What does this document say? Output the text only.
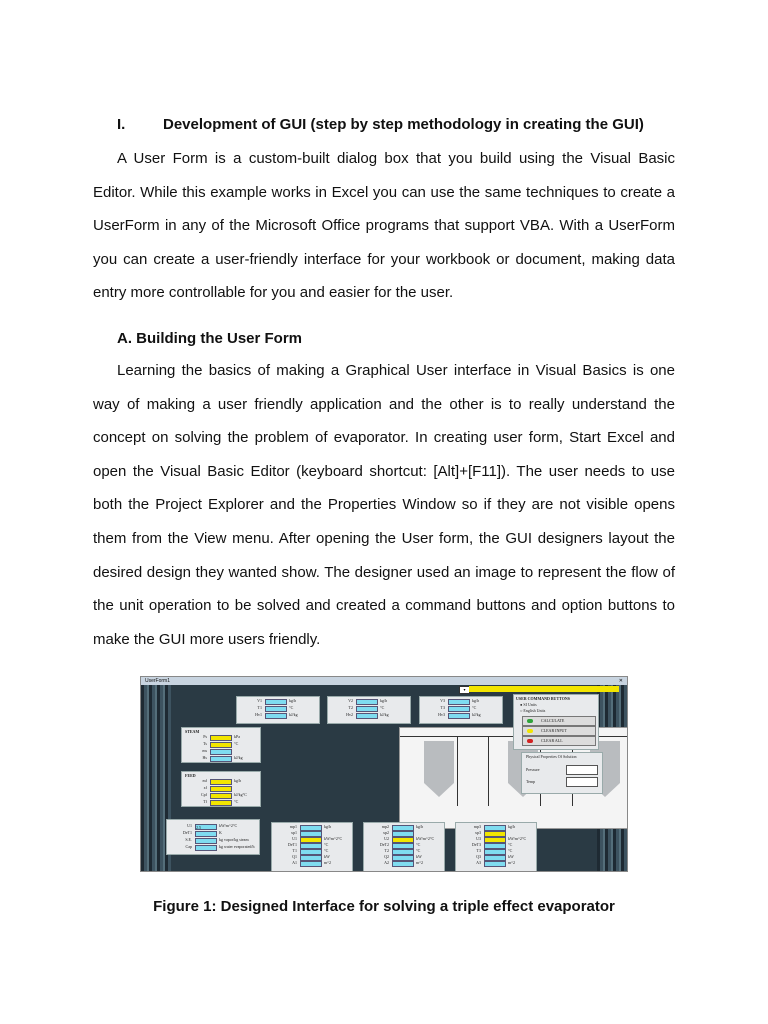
I.	Development of GUI (step by step methodology in creating the GUI)

A User Form is a custom-built dialog box that you build using the Visual Basic Editor. While this example works in Excel you can use the same techniques to create a UserForm in any of the Microsoft Office programs that support VBA. With a UserForm you can create a user-friendly interface for your workbook or document, making data entry more controllable for you and easier for the user.

A. Building the User Form

Learning the basics of making a Graphical User interface in Visual Basics is one way of making a user friendly application and the other is to really understand the concept on solving the problem of evaporator. In creating user form, Start Excel and open the Visual Basic Editor (keyboard shortcut: [Alt]+[F11]). The user needs to use both the Project Explorer and the Properties Window so if they are not visible opens them from the View menu. After opening the User form, the GUI designers layout the desired design they wanted show. The designer used an image to represent the flow of the unit operation to be solved and created a command buttons and option buttons to make the GUI more users friendly.

UserForm1	✕
▾
V1	kg/h
T1	°C
Hv1	kJ/kg
V2	kg/h
T2	°C
Hv2	kJ/kg
V3	kg/h
T3	°C
Hv3	kJ/kg
STEAM
Ps	kPa
Ts	°C
ms
Hs	kJ/kg
FEED
mf	kg/h
xf
Cpf	kJ/kg°C
Tf	°C
USER COMMAND BUTTONS
● SI Units
○ English Units
CALCULATE
CLEAR INPUT
CLEAR ALL
Physical Properties Of Solution
Pressure
Temp
U1 2.5	kW/m^2°C
DeT1	K
S.E.	kg vapor/kg steam
Cap	kg water evaporated/h
mp1	kg/h
xp1
U1	kW/m^2°C
DeT1	°C
T1	°C
Q1	kW
A1	m^2
mp2	kg/h
xp2
U2	kW/m^2°C
DeT2	°C
T2	°C
Q2	kW
A2	m^2
mp3	kg/h
xp3
U3	kW/m^2°C
DeT3	°C
T3	°C
Q3	kW
A3	m^2
Figure 1: Designed Interface for solving a triple effect evaporator
